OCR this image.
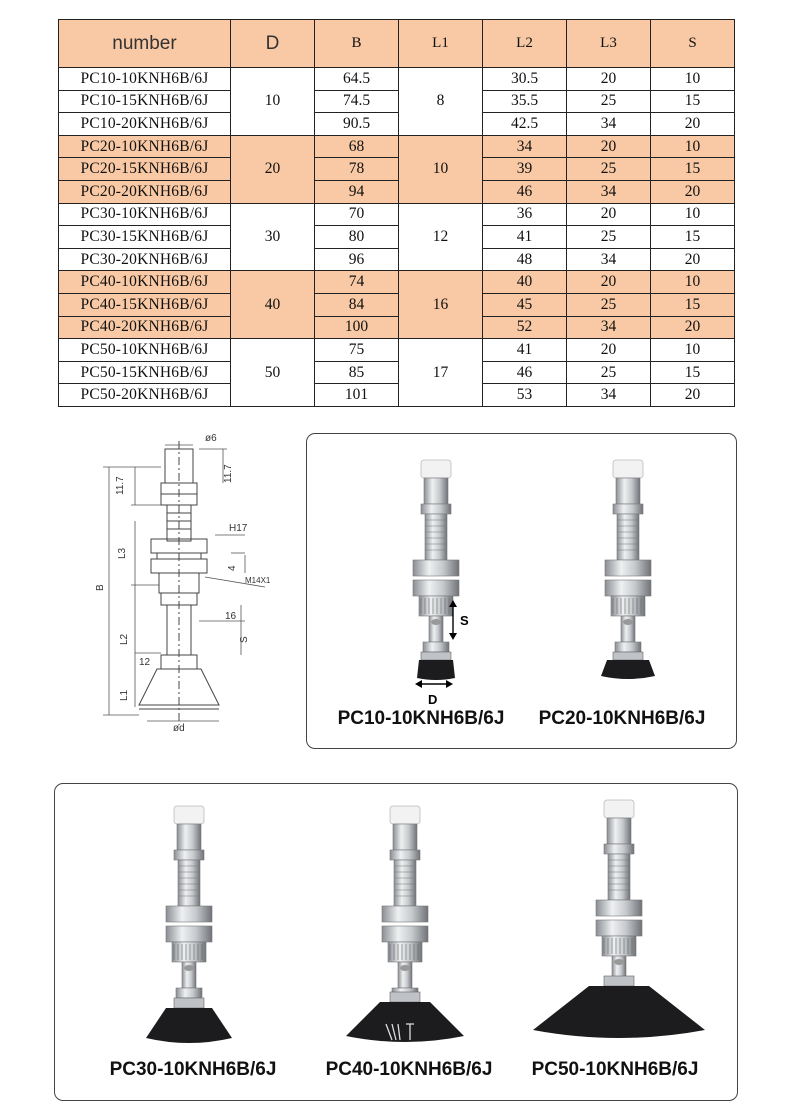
number	D	B	L1	L2	L3	S
PC10-10KNH6B/6J	10	64.5	8	30.5	20	10
PC10-15KNH6B/6J		74.5		35.5	25	15
PC10-20KNH6B/6J		90.5		42.5	34	20
PC20-10KNH6B/6J	20	68	10	34	20	10
PC20-15KNH6B/6J		78		39	25	15
PC20-20KNH6B/6J		94		46	34	20
PC30-10KNH6B/6J	30	70	12	36	20	10
PC30-15KNH6B/6J		80		41	25	15
PC30-20KNH6B/6J		96		48	34	20
PC40-10KNH6B/6J	40	74	16	40	20	10
PC40-15KNH6B/6J		84		45	25	15
PC40-20KNH6B/6J		100		52	34	20
PC50-10KNH6B/6J	50	75	17	41	20	10
PC50-15KNH6B/6J		85		46	25	15
PC50-20KNH6B/6J		101		53	34	20
ø6
11.7
11.7
H17
L3
4
M14X1
B
16
S
L2
12
L1
ød
S
D
PC10-10KNH6B/6J PC20-10KNH6B/6J
PC30-10KNH6B/6J	PC40-10KNH6B/6J PC50-10KNH6B/6J
